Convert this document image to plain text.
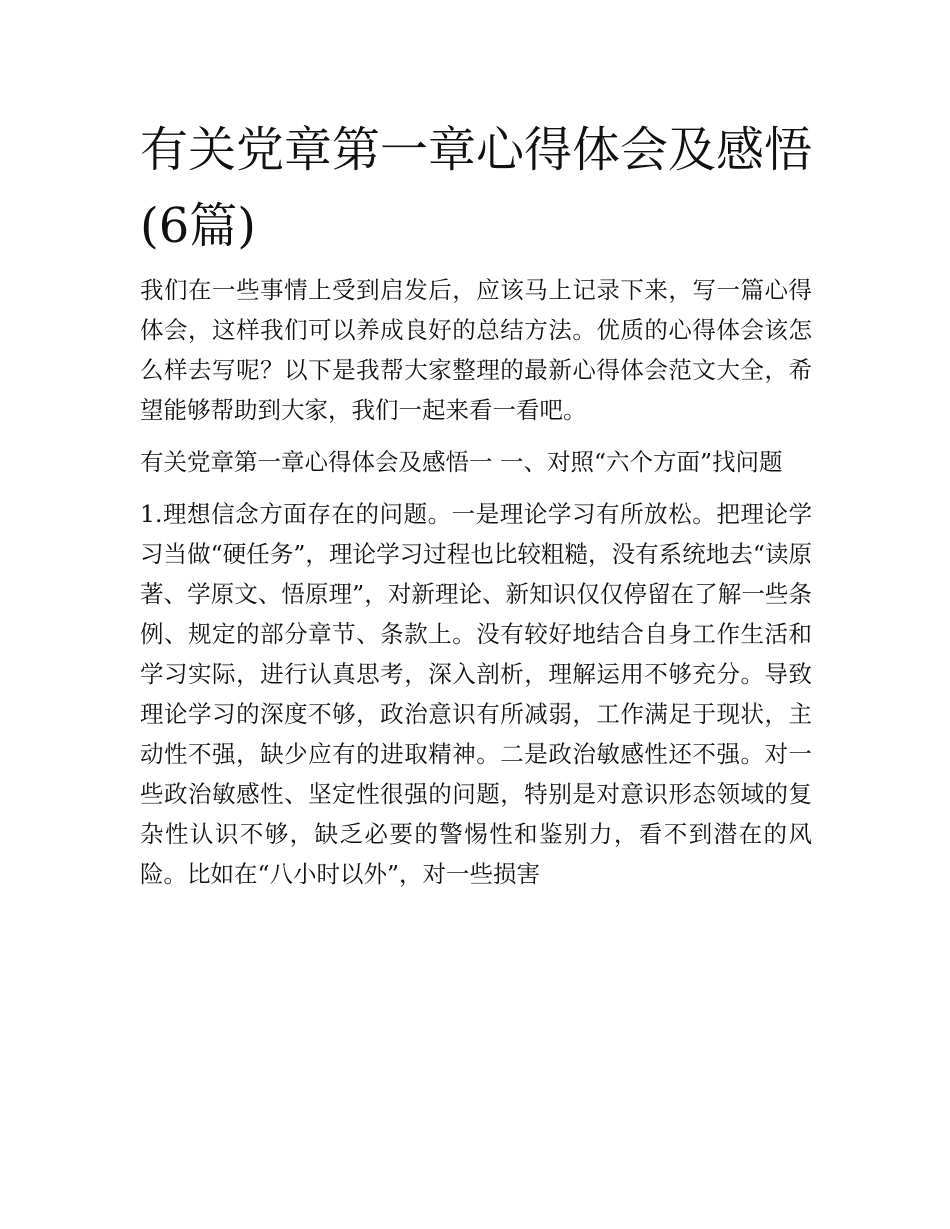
有关党章第一章心得体会及感悟(6篇)

我们在一些事情上受到启发后，应该马上记录下来，写一篇心得体会，这样我们可以养成良好的总结方法。优质的心得体会该怎么样去写呢？以下是我帮大家整理的最新心得体会范文大全，希望能够帮助到大家，我们一起来看一看吧。

有关党章第一章心得体会及感悟一 一、对照“六个方面”找问题

1.理想信念方面存在的问题。一是理论学习有所放松。把理论学习当做“硬任务”，理论学习过程也比较粗糙，没有系统地去“读原著、学原文、悟原理”，对新理论、新知识仅仅停留在了解一些条例、规定的部分章节、条款上。没有较好地结合自身工作生活和学习实际，进行认真思考，深入剖析，理解运用不够充分。导致理论学习的深度不够，政治意识有所减弱，工作满足于现状，主动性不强，缺少应有的进取精神。二是政治敏感性还不强。对一些政治敏感性、坚定性很强的问题，特别是对意识形态领域的复杂性认识不够，缺乏必要的警惕性和鉴别力，看不到潜在的风险。比如在“八小时以外”，对一些损害
